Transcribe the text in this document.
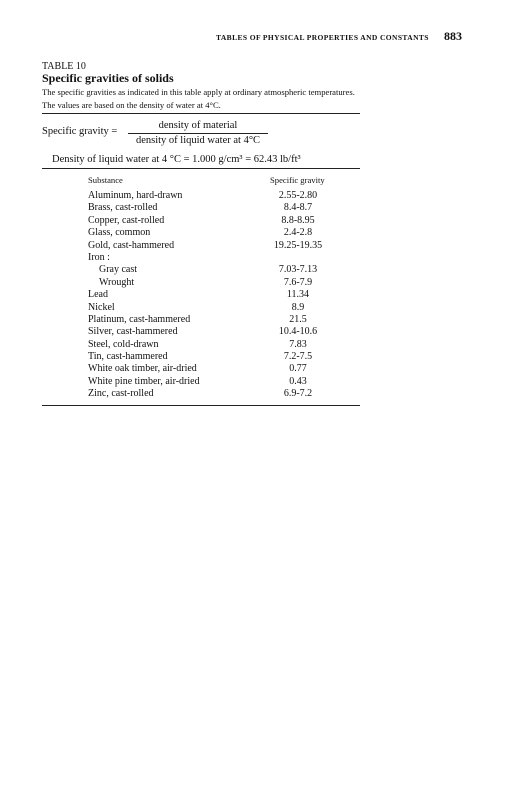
TABLES OF PHYSICAL PROPERTIES AND CONSTANTS 883
TABLE 10
Specific gravities of solids
The specific gravities as indicated in this table apply at ordinary atmospheric temperatures. The values are based on the density of water at 4°C.
Specific gravity =
density of material
density of liquid water at 4°C
Density of liquid water at 4 °C = 1.000 g/cm³ = 62.43 lb/ft³
Substance	Specific gravity
Aluminum, hard-drawn	2.55-2.80
Brass, cast-rolled	8.4-8.7
Copper, cast-rolled	8.8-8.95
Glass, common	2.4-2.8
Gold, cast-hammered	19.25-19.35
Iron :
Gray cast	7.03-7.13
Wrought	7.6-7.9
Lead	11.34
Nickel	8.9
Platinum, cast-hammered	21.5
Silver, cast-hammered	10.4-10.6
Steel, cold-drawn	7.83
Tin, cast-hammered	7.2-7.5
White oak timber, air-dried	0.77
White pine timber, air-dried	0.43
Zinc, cast-rolled	6.9-7.2
